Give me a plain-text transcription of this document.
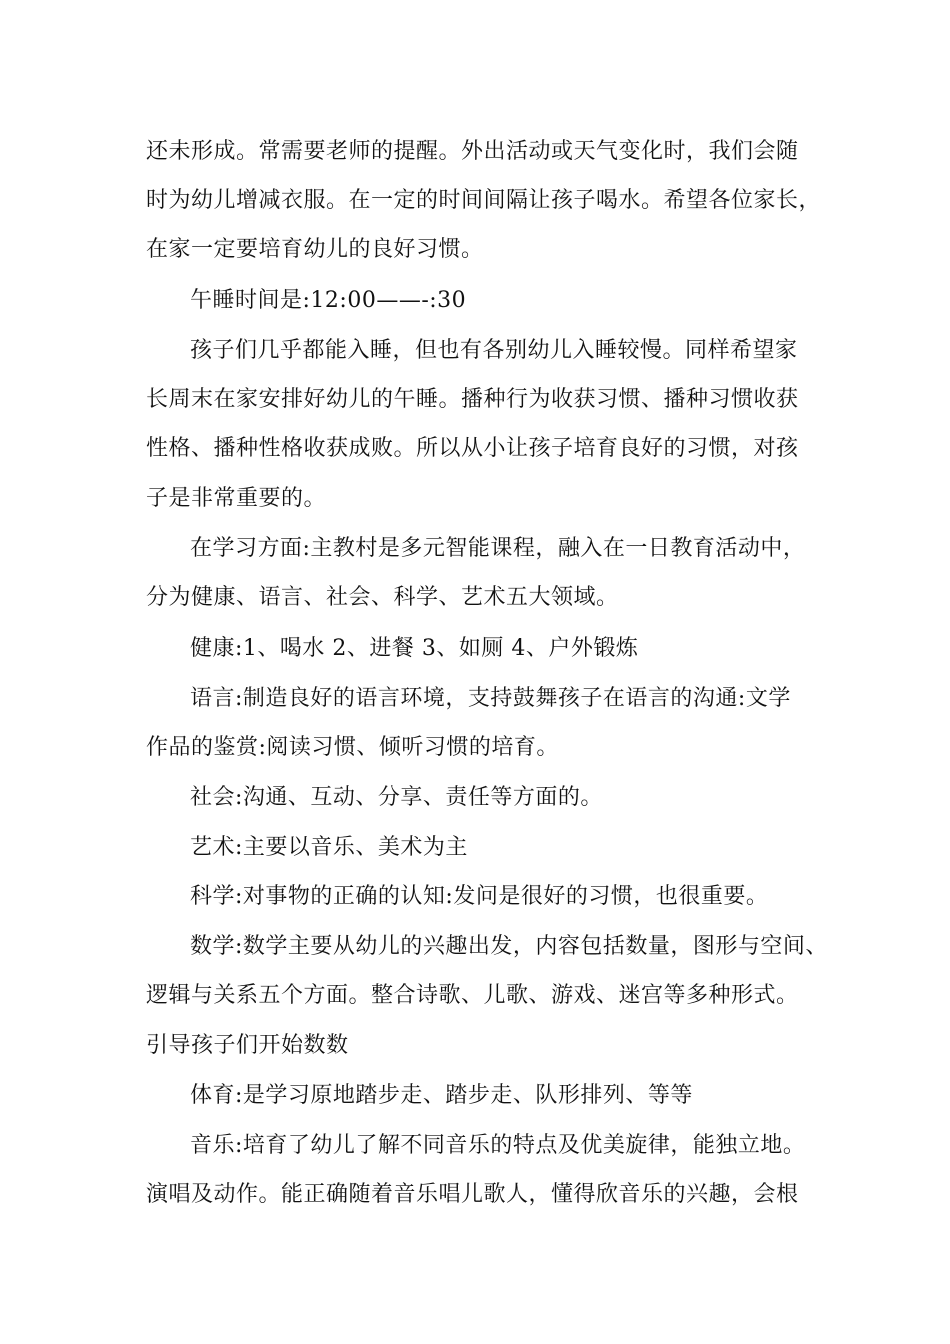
还未形成。常需要老师的提醒。外出活动或天气变化时，我们会随
时为幼儿增减衣服。在一定的时间间隔让孩子喝水。希望各位家长，
在家一定要培育幼儿的良好习惯。
午睡时间是:12:00——-:30
孩子们几乎都能入睡，但也有各别幼儿入睡较慢。同样希望家
长周末在家安排好幼儿的午睡。播种行为收获习惯、播种习惯收获
性格、播种性格收获成败。所以从小让孩子培育良好的习惯，对孩
子是非常重要的。
在学习方面:主教村是多元智能课程，融入在一日教育活动中，
分为健康、语言、社会、科学、艺术五大领域。
健康:1、喝水 2、进餐 3、如厕 4、户外锻炼
语言:制造良好的语言环境，支持鼓舞孩子在语言的沟通:文学
作品的鉴赏:阅读习惯、倾听习惯的培育。
社会:沟通、互动、分享、责任等方面的。
艺术:主要以音乐、美术为主
科学:对事物的正确的认知:发问是很好的习惯，也很重要。
数学:数学主要从幼儿的兴趣出发，内容包括数量，图形与空间、
逻辑与关系五个方面。整合诗歌、儿歌、游戏、迷宫等多种形式。
引导孩子们开始数数
体育:是学习原地踏步走、踏步走、队形排列、等等
音乐:培育了幼儿了解不同音乐的特点及优美旋律，能独立地。
演唱及动作。能正确随着音乐唱儿歌人，懂得欣音乐的兴趣，会根
